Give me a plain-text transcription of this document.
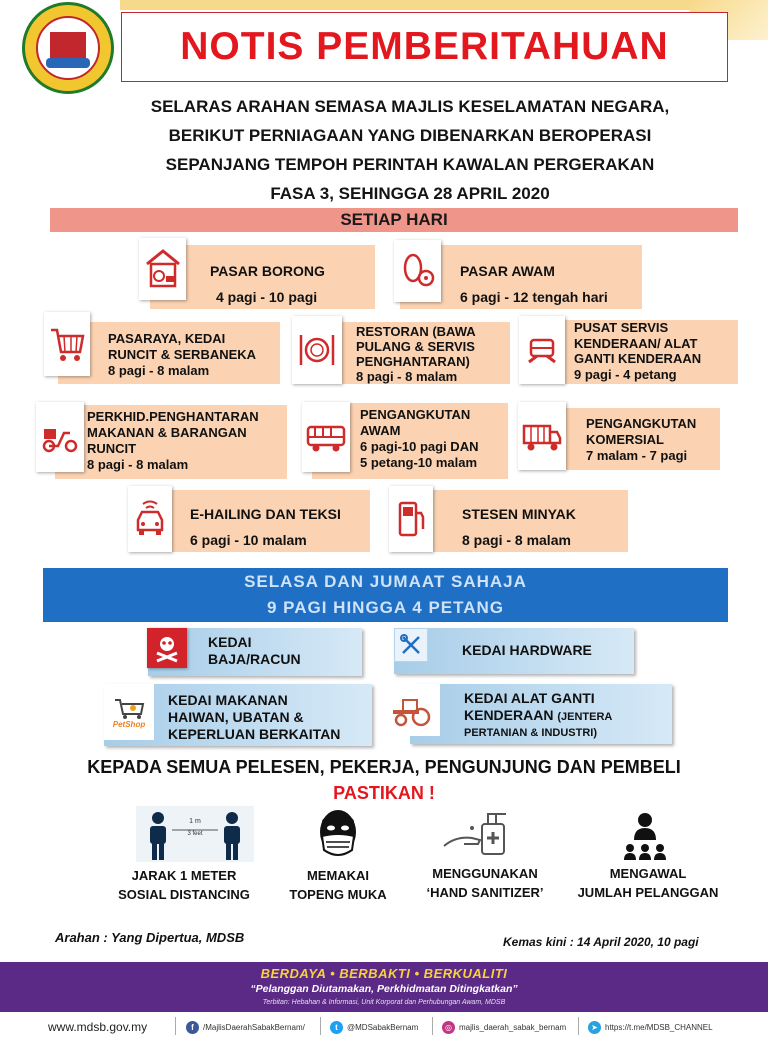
NOTIS PEMBERITAHUAN
SELARAS ARAHAN SEMASA MAJLIS KESELAMATAN NEGARA,
BERIKUT PERNIAGAAN YANG DIBENARKAN BEROPERASI
SEPANJANG TEMPOH PERINTAH KAWALAN PERGERAKAN
FASA 3, SEHINGGA 28 APRIL 2020
SETIAP HARI
PASAR BORONG
4 pagi - 10 pagi
PASAR AWAM
6 pagi - 12 tengah hari
PASARAYA, KEDAI
RUNCIT & SERBANEKA
8 pagi - 8 malam
RESTORAN (BAWA
PULANG & SERVIS
PENGHANTARAN)
8 pagi - 8 malam
PUSAT SERVIS
KENDERAAN/ ALAT
GANTI KENDERAAN
9 pagi - 4 petang
PERKHID.PENGHANTARAN
MAKANAN & BARANGAN
RUNCIT
8 pagi - 8 malam
PENGANGKUTAN
AWAM
6 pagi-10 pagi DAN
5 petang-10 malam
PENGANGKUTAN
KOMERSIAL
7 malam - 7 pagi
E-HAILING DAN TEKSI
6 pagi - 10 malam
STESEN MINYAK
8 pagi - 8 malam
SELASA DAN JUMAAT SAHAJA
9 PAGI HINGGA 4 PETANG
KEDAI
BAJA/RACUN
KEDAI HARDWARE
KEDAI MAKANAN
HAIWAN, UBATAN &
KEPERLUAN BERKAITAN
PetShop
KEDAI ALAT GANTI
KENDERAAN (JENTERA
PERTANIAN & INDUSTRI)
KEPADA SEMUA PELESEN, PEKERJA, PENGUNJUNG DAN PEMBELI
PASTIKAN !
1 m
3 feet
JARAK 1 METER
SOSIAL DISTANCING
MEMAKAI
TOPENG MUKA
MENGGUNAKAN
‘HAND SANITIZER’
MENGAWAL
JUMLAH PELANGGAN
Arahan : Yang Dipertua, MDSB	Kemas kini : 14 April 2020, 10 pagi
BERDAYA • BERBAKTI • BERKUALITI
“Pelanggan Diutamakan, Perkhidmatan Ditingkatkan”
Terbitan: Hebahan & Informasi, Unit Korporat dan Perhubungan Awam, MDSB
www.mdsb.gov.my	f	/MajlisDaerahSabakBernam/	t	@MDSabakBernam	◎ majlis_daerah_sabak_bernam	➤ https://t.me/MDSB_CHANNEL
